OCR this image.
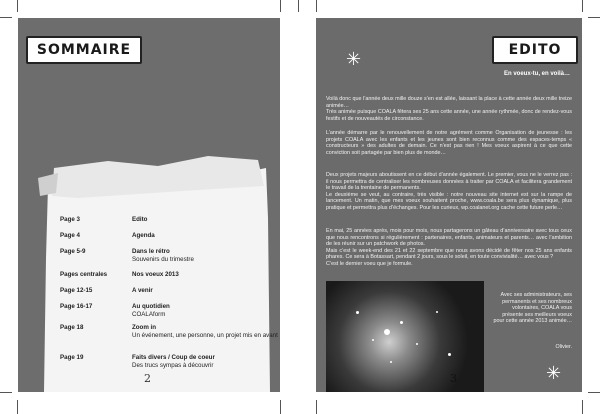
SOMMAIRE
Page 3	Edito
Page 4	Agenda
Page 5-9	Dans le rétro
Souvenirs du trimestre
Pages centrales	Nos voeux 2013
Page 12-15	A venir
Page 16-17	Au quotidien
COALAform
Page 18	Zoom in
Un événement, une personne, un projet mis en avant
Page 19	Faits divers / Coup de coeur
Des trucs sympas à découvrir
2
✳	EDITO
En voeux-tu, en voilà…
Voilà donc que l’année deux mille douze s’en est allée, laissant la place à cette année deux mille treize animée…
Très animée puisque COALA fêtera ses 25 ans cette année, une année rythmée, donc de rendez-vous festifs et de nouveautés de circonstance.
L’année démarre par le renouvellement de notre agrément comme Organisation de jeunesse : les projets COALA avec les enfants et les jeunes sont bien reconnus comme des espaces-temps « constructeurs » des adultes de demain. Ce n’est pas rien ! Mes voeux aspirent à ce que cette conviction soit partagée par bien plus de monde…
Deux projets majeurs aboutissent en ce début d’année également. Le premier, vous ne le verrez pas : il nous permettra de centraliser les nombreuses données à traiter par COALA et facilitera grandement le travail de la trentaine de permanents.
Le deuxième se veut, au contraire, très visible : notre nouveau site internet est sur la rampe de lancement. Un matin, que mes voeux souhaitent proche, www.coala.be sera plus dynamique, plus pratique et permettra plus d’échanges. Pour les curieux, wp.coalanet.org cache cette future perle…
En mai, 25 années après, mois pour mois, nous partagerons un gâteau d’anniversaire avec tous ceux que nous rencontrons si régulièrement : partenaires, enfants, animateurs et parents… avec l’ambition de les réunir sur un patchwork de photos.
Mais c’est le week-end des 21 et 22 septembre que nous avons décidé de fêter nos 25 ans enfants phares. Ce sera à Botassart, pendant 2 jours, sous le soleil, en toute convivialité… avec vous ?
C’est le dernier voeu que je formule.
3
Avec ses administrateurs, ses permanents et ses nombreux volontaires, COALA vous présente ses meilleurs voeux pour cette année 2013 animée…
Olivier.
✳
